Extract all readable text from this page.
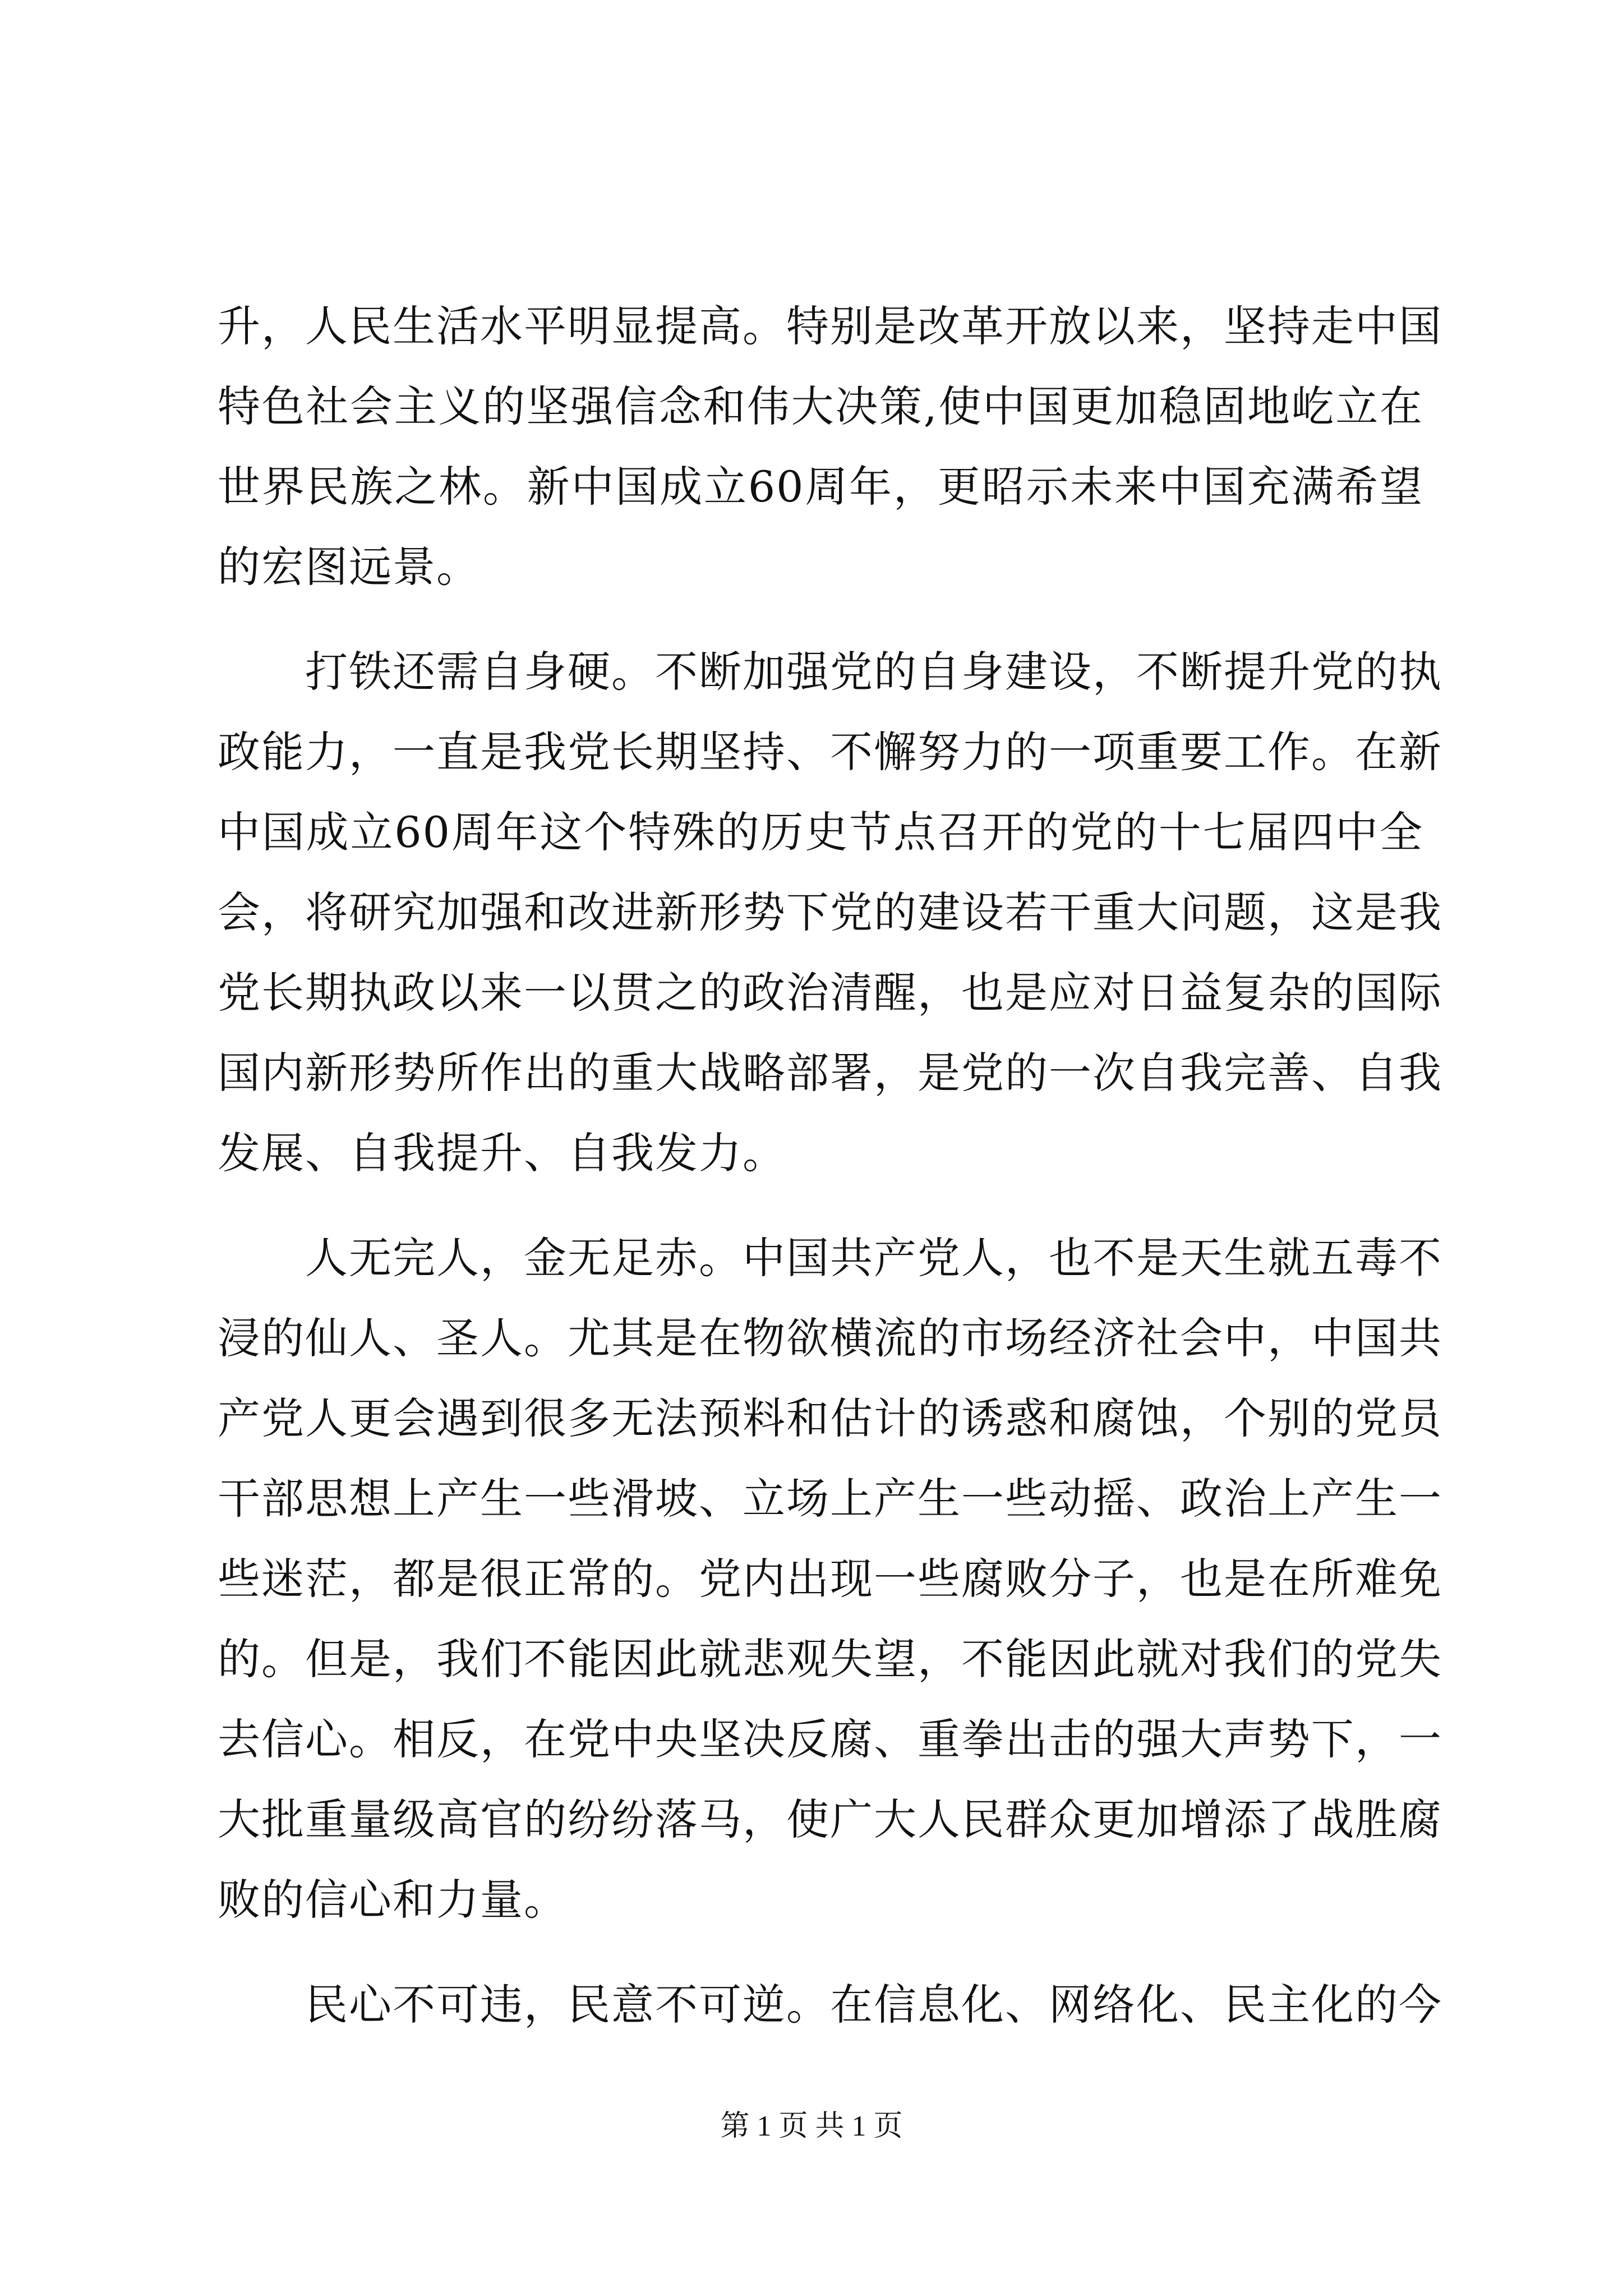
升，人民生活水平明显提高。特别是改革开放以来，坚持走中国
特色社会主义的坚强信念和伟大决策,使中国更加稳固地屹立在
世界民族之林。新中国成立60周年，更昭示未来中国充满希望
的宏图远景。
打铁还需自身硬。不断加强党的自身建设，不断提升党的执
政能力，一直是我党长期坚持、不懈努力的一项重要工作。在新
中国成立60周年这个特殊的历史节点召开的党的十七届四中全
会，将研究加强和改进新形势下党的建设若干重大问题，这是我
党长期执政以来一以贯之的政治清醒，也是应对日益复杂的国际
国内新形势所作出的重大战略部署，是党的一次自我完善、自我
发展、自我提升、自我发力。
人无完人，金无足赤。中国共产党人，也不是天生就五毒不
浸的仙人、圣人。尤其是在物欲横流的市场经济社会中，中国共
产党人更会遇到很多无法预料和估计的诱惑和腐蚀，个别的党员
干部思想上产生一些滑坡、立场上产生一些动摇、政治上产生一
些迷茫，都是很正常的。党内出现一些腐败分子，也是在所难免
的。但是，我们不能因此就悲观失望，不能因此就对我们的党失
去信心。相反，在党中央坚决反腐、重拳出击的强大声势下，一
大批重量级高官的纷纷落马，使广大人民群众更加增添了战胜腐
败的信心和力量。
民心不可违，民意不可逆。在信息化、网络化、民主化的今
第 1 页 共 1 页
